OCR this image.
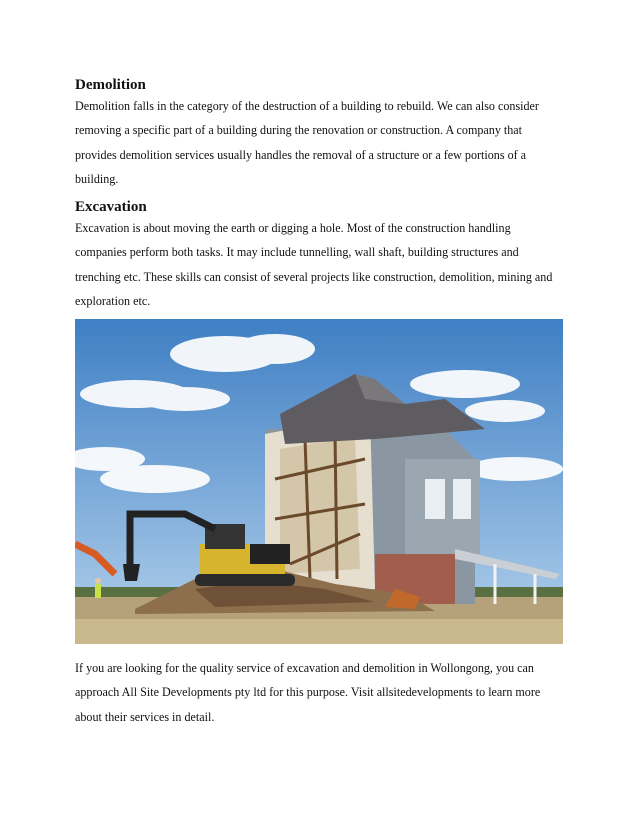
Demolition

Demolition falls in the category of the destruction of a building to rebuild. We can also consider removing a specific part of a building during the renovation or construction. A company that provides demolition services usually handles the removal of a structure or a few portions of a building.

Excavation

Excavation is about moving the earth or digging a hole. Most of the construction handling companies perform both tasks. It may include tunnelling, wall shaft, building structures and trenching etc. These skills can consist of several projects like construction, demolition, mining and exploration etc.

If you are looking for the quality service of excavation and demolition in Wollongong, you can approach All Site Developments pty ltd for this purpose. Visit allsitedevelopments to learn more about their services in detail.
